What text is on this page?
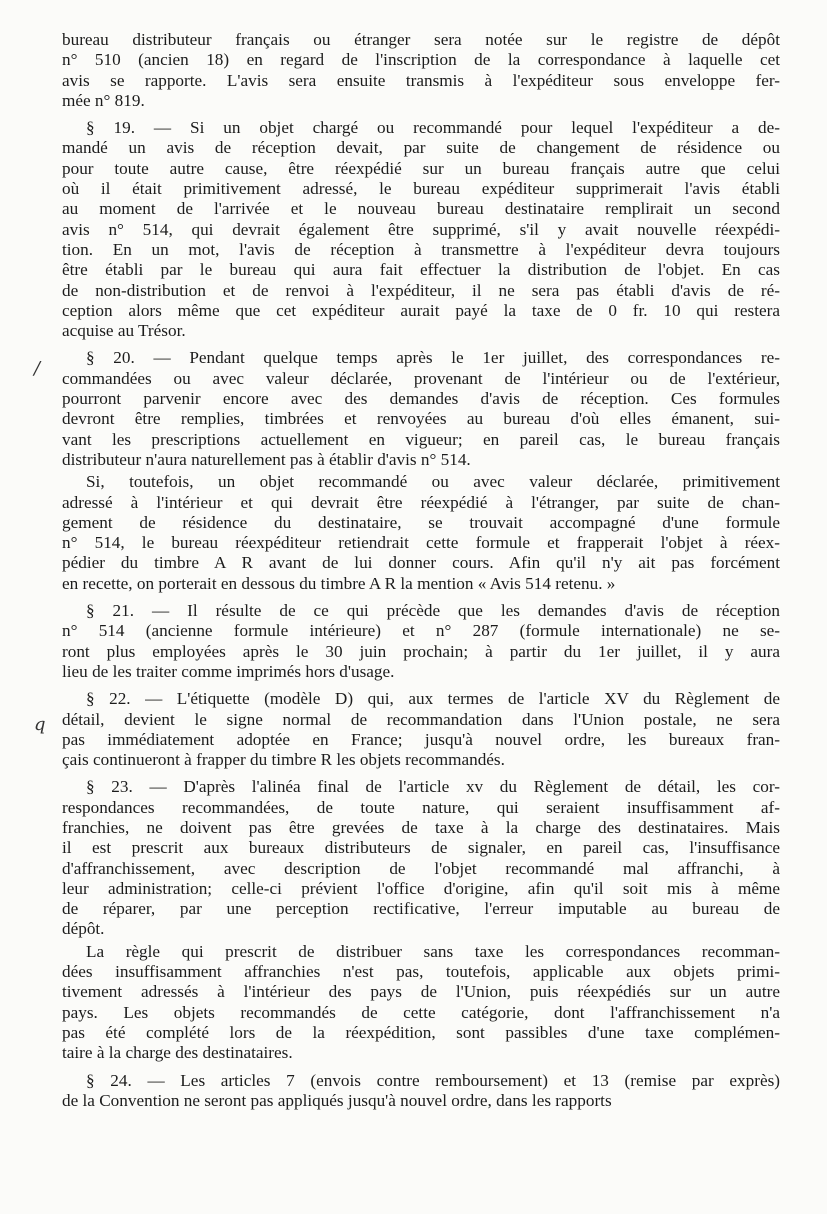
/
q

bureau distributeur français ou étranger sera notée sur le registre de dépôt
n° 510 (ancien 18) en regard de l'inscription de la correspondance à laquelle cet
avis se rapporte. L'avis sera ensuite transmis à l'expéditeur sous enveloppe fer-
mée n° 819.

§ 19. — Si un objet chargé ou recommandé pour lequel l'expéditeur a de-
mandé un avis de réception devait, par suite de changement de résidence ou
pour toute autre cause, être réexpédié sur un bureau français autre que celui
où il était primitivement adressé, le bureau expéditeur supprimerait l'avis établi
au moment de l'arrivée et le nouveau bureau destinataire remplirait un second
avis n° 514, qui devrait également être supprimé, s'il y avait nouvelle réexpédi-
tion. En un mot, l'avis de réception à transmettre à l'expéditeur devra toujours
être établi par le bureau qui aura fait effectuer la distribution de l'objet. En cas
de non-distribution et de renvoi à l'expéditeur, il ne sera pas établi d'avis de ré-
ception alors même que cet expéditeur aurait payé la taxe de 0 fr. 10 qui restera
acquise au Trésor.

§ 20. — Pendant quelque temps après le 1er juillet, des correspondances re-
commandées ou avec valeur déclarée, provenant de l'intérieur ou de l'extérieur,
pourront parvenir encore avec des demandes d'avis de réception. Ces formules
devront être remplies, timbrées et renvoyées au bureau d'où elles émanent, sui-
vant les prescriptions actuellement en vigueur; en pareil cas, le bureau français
distributeur n'aura naturellement pas à établir d'avis n° 514.

Si, toutefois, un objet recommandé ou avec valeur déclarée, primitivement
adressé à l'intérieur et qui devrait être réexpédié à l'étranger, par suite de chan-
gement de résidence du destinataire, se trouvait accompagné d'une formule
n° 514, le bureau réexpéditeur retiendrait cette formule et frapperait l'objet à réex-
pédier du timbre A R avant de lui donner cours. Afin qu'il n'y ait pas forcément
en recette, on porterait en dessous du timbre A R la mention « Avis 514 retenu. »

§ 21. — Il résulte de ce qui précède que les demandes d'avis de réception
n° 514 (ancienne formule intérieure) et n° 287 (formule internationale) ne se-
ront plus employées après le 30 juin prochain; à partir du 1er juillet, il y aura
lieu de les traiter comme imprimés hors d'usage.

§ 22. — L'étiquette (modèle D) qui, aux termes de l'article XV du Règlement de
détail, devient le signe normal de recommandation dans l'Union postale, ne sera
pas immédiatement adoptée en France; jusqu'à nouvel ordre, les bureaux fran-
çais continueront à frapper du timbre R les objets recommandés.

§ 23. — D'après l'alinéa final de l'article xv du Règlement de détail, les cor-
respondances recommandées, de toute nature, qui seraient insuffisamment af-
franchies, ne doivent pas être grevées de taxe à la charge des destinataires. Mais
il est prescrit aux bureaux distributeurs de signaler, en pareil cas, l'insuffisance
d'affranchissement, avec description de l'objet recommandé mal affranchi, à
leur administration; celle-ci prévient l'office d'origine, afin qu'il soit mis à même
de réparer, par une perception rectificative, l'erreur imputable au bureau de
dépôt.

La règle qui prescrit de distribuer sans taxe les correspondances recomman-
dées insuffisamment affranchies n'est pas, toutefois, applicable aux objets primi-
tivement adressés à l'intérieur des pays de l'Union, puis réexpédiés sur un autre
pays. Les objets recommandés de cette catégorie, dont l'affranchissement n'a
pas été complété lors de la réexpédition, sont passibles d'une taxe complémen-
taire à la charge des destinataires.

§ 24. — Les articles 7 (envois contre remboursement) et 13 (remise par exprès)
de la Convention ne seront pas appliqués jusqu'à nouvel ordre, dans les rapports
